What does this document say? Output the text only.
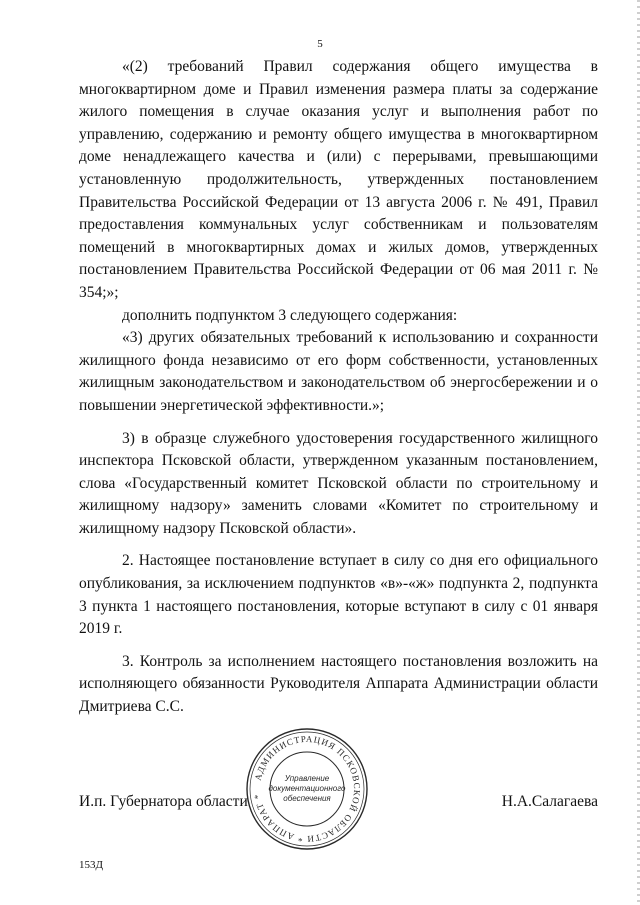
5

«(2) требований Правил содержания общего имущества в многоквартирном доме и Правил изменения размера платы за содержание жилого помещения в случае оказания услуг и выполнения работ по управлению, содержанию и ремонту общего имущества в многоквартирном доме ненадлежащего качества и (или) с перерывами, превышающими установленную продолжительность, утвержденных постановлением Правительства Российской Федерации от 13 августа 2006 г. № 491, Правил предоставления коммунальных услуг собственникам и пользователям помещений в многоквартирных домах и жилых домов, утвержденных постановлением Правительства Российской Федерации от 06 мая 2011 г. № 354;»;

дополнить подпунктом 3 следующего содержания:

«3) других обязательных требований к использованию и сохранности жилищного фонда независимо от его форм собственности, установленных жилищным законодательством и законодательством об энергосбережении и о повышении энергетической эффективности.»;

3) в образце служебного удостоверения государственного жилищного инспектора Псковской области, утвержденном указанным постановлением, слова «Государственный комитет Псковской области по строительному и жилищному надзору» заменить словами «Комитет по строительному и жилищному надзору Псковской области».

2. Настоящее постановление вступает в силу со дня его официального опубликования, за исключением подпунктов «в»-«ж» подпункта 2, подпункта 3 пункта 1 настоящего постановления, которые вступают в силу с 01 января 2019 г.

3. Контроль за исполнением настоящего постановления возложить на исполняющего обязанности Руководителя Аппарата Администрации области Дмитриева С.С.

И.п. Губернатора области	Н.А.Салагаева
АДМИНИСТРАЦИЯ ПСКОВСКОЙ ОБЛАСТИ * АППАРАТ *
Управление
документационного
обеспечения
153Д
